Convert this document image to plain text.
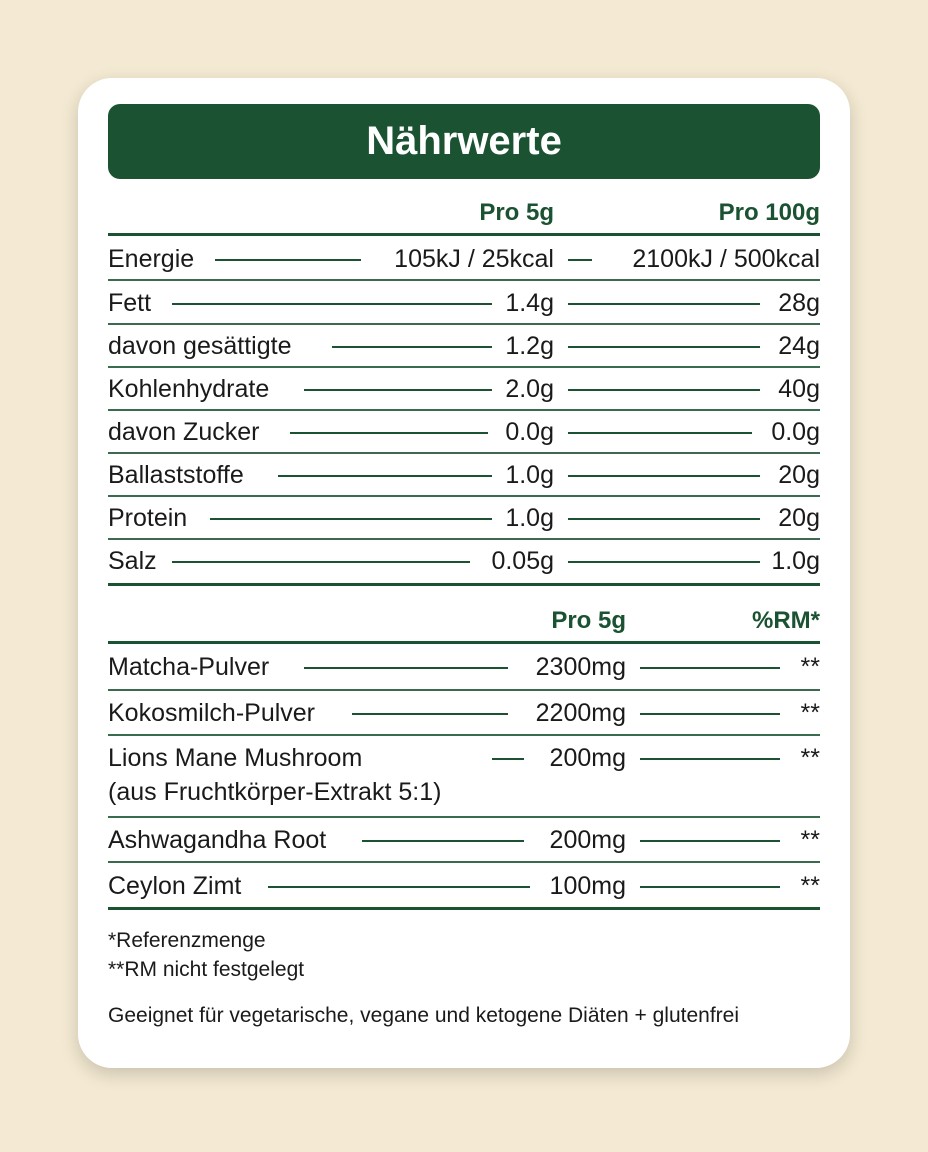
Nährwerte
Pro 5g	Pro 100g
Energie	105kJ / 25kcal	2100kJ / 500kcal
Fett	1.4g	28g
davon gesättigte	1.2g	24g
Kohlenhydrate	2.0g	40g
davon Zucker	0.0g	0.0g
Ballaststoffe	1.0g	20g
Protein	1.0g	20g
Salz	0.05g	1.0g
Pro 5g	%RM*
Matcha-Pulver	2300mg	**
Kokosmilch-Pulver	2200mg	**
Lions Mane Mushroom
(aus Fruchtkörper-Extrakt 5:1)
200mg	**
Ashwagandha Root	200mg	**
Ceylon Zimt	100mg	**
*Referenzmenge
**RM nicht festgelegt
Geeignet für vegetarische, vegane und ketogene Diäten + glutenfrei
